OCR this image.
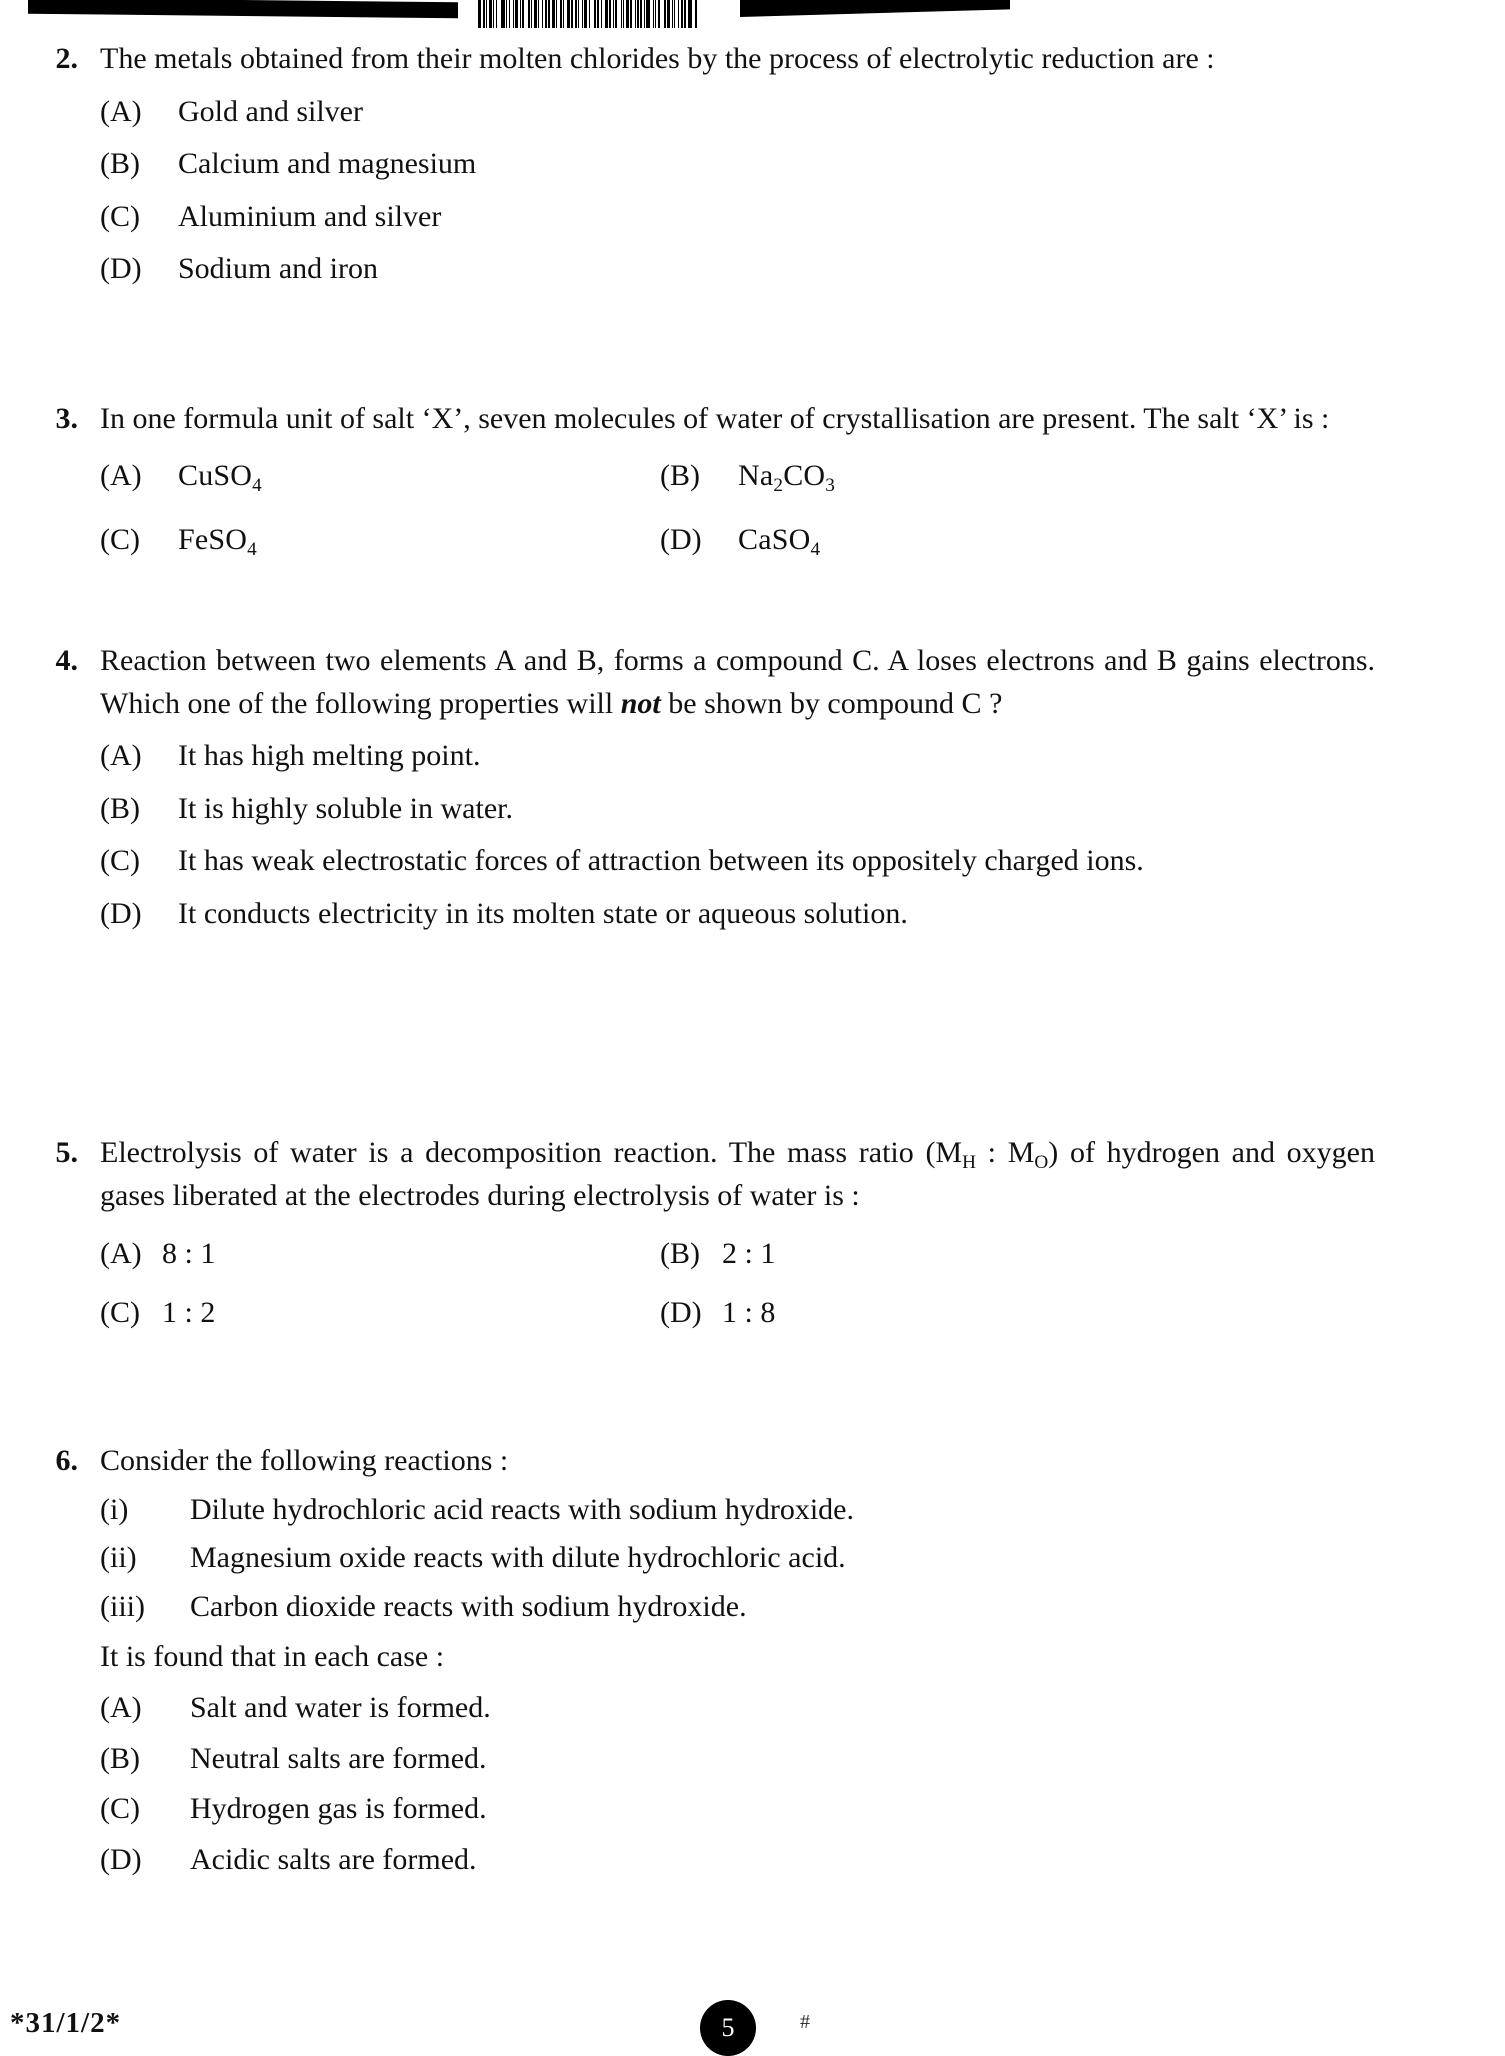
2. The metals obtained from their molten chlorides by the process of electrolytic reduction are :
(A)	Gold and silver
(B)	Calcium and magnesium
(C)	Aluminium and silver
(D)	Sodium and iron
3. In one formula unit of salt ‘X’, seven molecules of water of crystallisation are present. The salt ‘X’ is :
(A)	CuSO$_4$	(B)	$Na_2CO_3$
(C)	FeSO$_4$	(D)	CaSO$_4$
4. Reaction between two elements A and B, forms a compound C. A loses electrons and B gains electrons. Which one of the following properties will not be shown by compound C ?
(A)	It has high melting point.
(B)	It is highly soluble in water.
(C)	It has weak electrostatic forces of attraction between its oppositely charged ions.
(D)	It conducts electricity in its molten state or aqueous solution.
5. Electrolysis of water is a decomposition reaction. The mass ratio ($M_H$ : $M_O$) of hydrogen and oxygen gases liberated at the electrodes during electrolysis of water is :
(A) 8 : 1	(B) 2 : 1
(C) 1 : 2	(D) 1 : 8
6. Consider the following reactions :
(i)	Dilute hydrochloric acid reacts with sodium hydroxide.
(ii)	Magnesium oxide reacts with dilute hydrochloric acid.
(iii)	Carbon dioxide reacts with sodium hydroxide.
It is found that in each case :
(A)	Salt and water is formed.
(B)	Neutral salts are formed.
(C)	Hydrogen gas is formed.
(D)	Acidic salts are formed.
*31/1/2*	5	#
